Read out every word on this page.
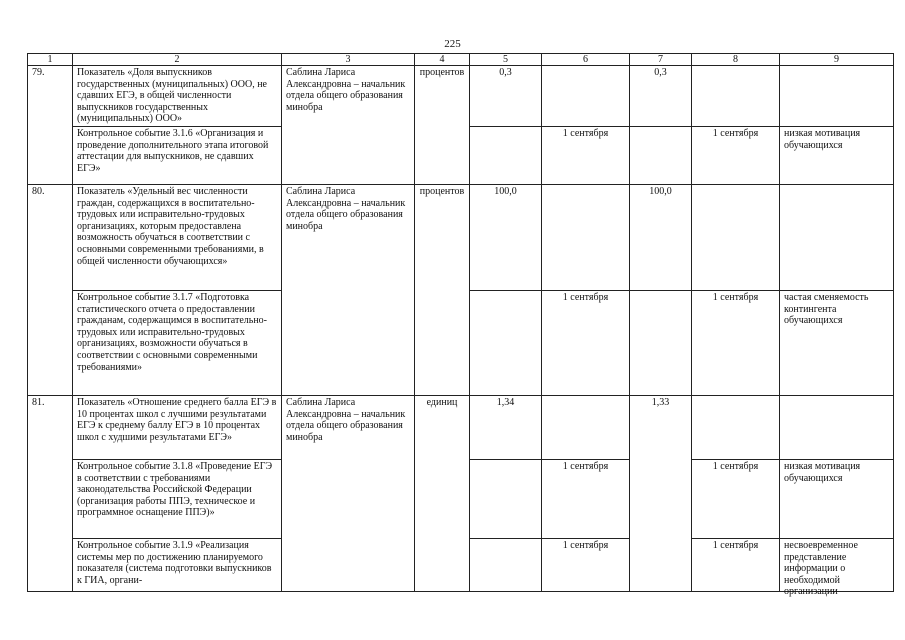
225
1	2	3	4	5	6	7	8	9
79.	Показатель «Доля выпускников государственных (муниципальных) ООО, не сдавших ЕГЭ, в общей численности выпускников государственных (муниципальных) ООО»	Саблина Лариса Александровна – начальник отдела общего образования минобра	процентов	0,3		0,3		
	Контрольное событие 3.1.6 «Организация и проведение дополнительного этапа итоговой аттестации для выпускников, не сдавших ЕГЭ»				1 сентября		1 сентября	низкая мотивация обучающихся
80.	Показатель «Удельный вес численности граждан, содержащихся в воспитательно-трудовых или исправительно-трудовых организациях, которым предоставлена возможность обучаться в соответствии с основными современными требованиями, в общей численности обучающихся»	Саблина Лариса Александровна – начальник отдела общего образования минобра	процентов	100,0		100,0		
	Контрольное событие 3.1.7 «Подготовка статистического отчета о предоставлении гражданам, содержащимся в воспитательно-трудовых или исправительно-трудовых организациях, возможности обучаться в соответствии с основными современными требованиями»				1 сентября		1 сентября	частая сменяемость контингента обучающихся
81.	Показатель «Отношение среднего балла ЕГЭ в 10 процентах школ с лучшими результатами ЕГЭ к среднему баллу ЕГЭ в 10 процентах школ с худшими результатами ЕГЭ»	Саблина Лариса Александровна – начальник отдела общего образования минобра	единиц	1,34		1,33		
	Контрольное событие 3.1.8 «Проведение ЕГЭ в соответствии с требованиями законодательства Российской Федерации (организация работы ППЭ, техническое и программное оснащение ППЭ)»				1 сентября		1 сентября	низкая мотивация обучающихся

	Контрольное событие 3.1.9 «Реализация системы мер по достижению планируемого показателя (система подготовки выпускников к ГИА, органи-				1 сентября		1 сентября	несвоевременное представление информации о необходимой организации
